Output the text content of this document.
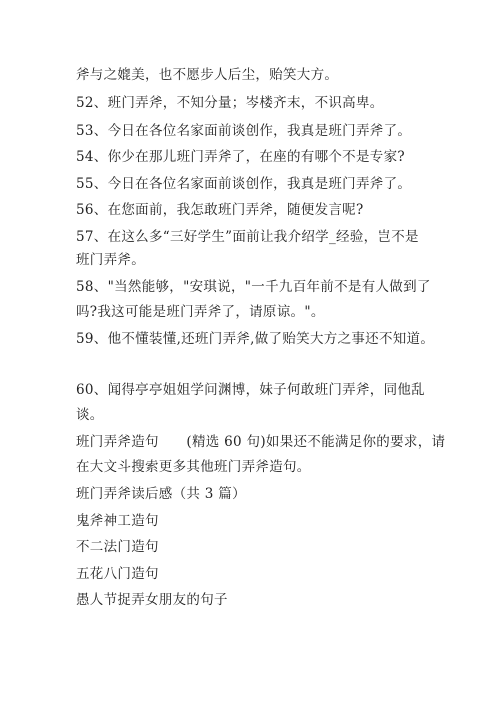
斧与之媲美，也不愿步人后尘，贻笑大方。
52、班门弄斧，不知分量；岑楼齐末，不识高卑。
53、今日在各位名家面前谈创作，我真是班门弄斧了。
54、你少在那儿班门弄斧了，在座的有哪个不是专家?
55、今日在各位名家面前谈创作，我真是班门弄斧了。
56、在您面前，我怎敢班门弄斧，随便发言呢?
57、在这么多“三好学生”面前让我介绍学_经验，岂不是
班门弄斧。
58、"当然能够，"安琪说，"一千九百年前不是有人做到了
吗?我这可能是班门弄斧了，请原谅。"。
59、他不懂装懂,还班门弄斧,做了贻笑大方之事还不知道。
60、闻得亭亭姐姐学问渊博，妹子何敢班门弄斧，同他乱
谈。
班门弄斧造句　　(精选 60 句)如果还不能满足你的要求，请
在大文斗搜索更多其他班门弄斧造句。
班门弄斧读后感（共 3 篇）
鬼斧神工造句
不二法门造句
五花八门造句
愚人节捉弄女朋友的句子
